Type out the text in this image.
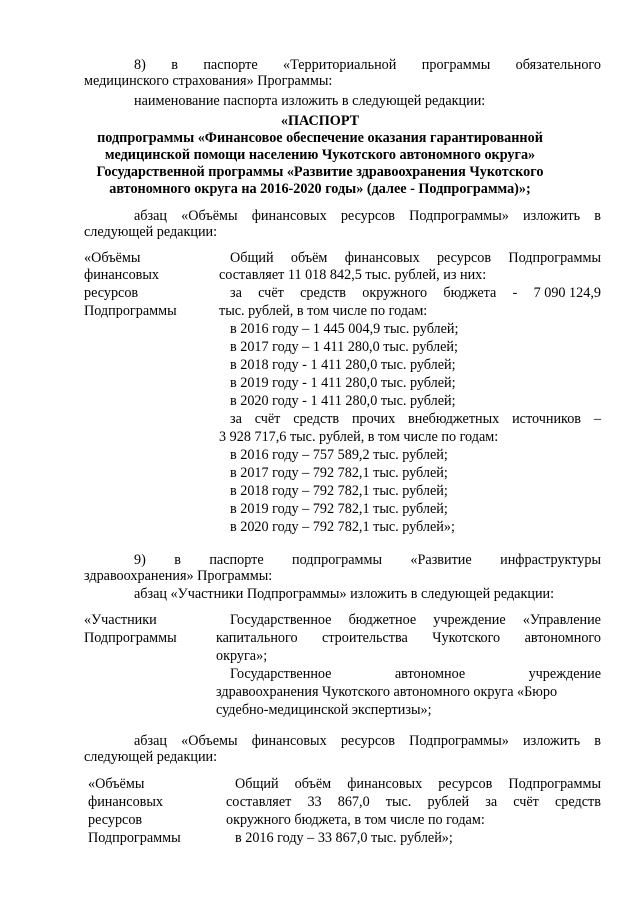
8) в паспорте «Территориальной программы обязательного
медицинского страхования» Программы:
наименование паспорта изложить в следующей редакции:
«ПАСПОРТ
подпрограммы «Финансовое обеспечение оказания гарантированной
медицинской помощи населению Чукотского автономного округа»
Государственной программы «Развитие здравоохранения Чукотского
автономного округа на 2016-2020 годы» (далее - Подпрограмма)»;
абзац «Объёмы финансовых ресурсов Подпрограммы» изложить в
следующей редакции:
«Объёмы
финансовых
ресурсов
Подпрограммы
Общий объём финансовых ресурсов Подпрограммы
составляет 11 018 842,5 тыс. рублей, из них:
за счёт средств окружного бюджета - 7 090 124,9
тыс. рублей, в том числе по годам:
в 2016 году – 1 445 004,9 тыс. рублей;
в 2017 году – 1 411 280,0 тыс. рублей;
в 2018 году - 1 411 280,0 тыс. рублей;
в 2019 году - 1 411 280,0 тыс. рублей;
в 2020 году - 1 411 280,0 тыс. рублей;
за счёт средств прочих внебюджетных источников –
3 928 717,6 тыс. рублей, в том числе по годам:
в 2016 году – 757 589,2 тыс. рублей;
в 2017 году – 792 782,1 тыс. рублей;
в 2018 году – 792 782,1 тыс. рублей;
в 2019 году – 792 782,1 тыс. рублей;
в 2020 году – 792 782,1 тыс. рублей»;
9) в паспорте подпрограммы «Развитие инфраструктуры
здравоохранения» Программы:
абзац «Участники Подпрограммы» изложить в следующей редакции:
«Участники
Подпрограммы
Государственное бюджетное учреждение «Управление
капитального строительства Чукотского автономного
округа»;
Государственное	автономное	учреждение
здравоохранения Чукотского автономного округа «Бюро
судебно-медицинской экспертизы»;
абзац «Объемы финансовых ресурсов Подпрограммы» изложить в
следующей редакции:
«Объёмы
финансовых
ресурсов
Подпрограммы
Общий объём финансовых ресурсов Подпрограммы
составляет 33 867,0 тыс. рублей за счёт средств
окружного бюджета, в том числе по годам:
в 2016 году – 33 867,0 тыс. рублей»;
